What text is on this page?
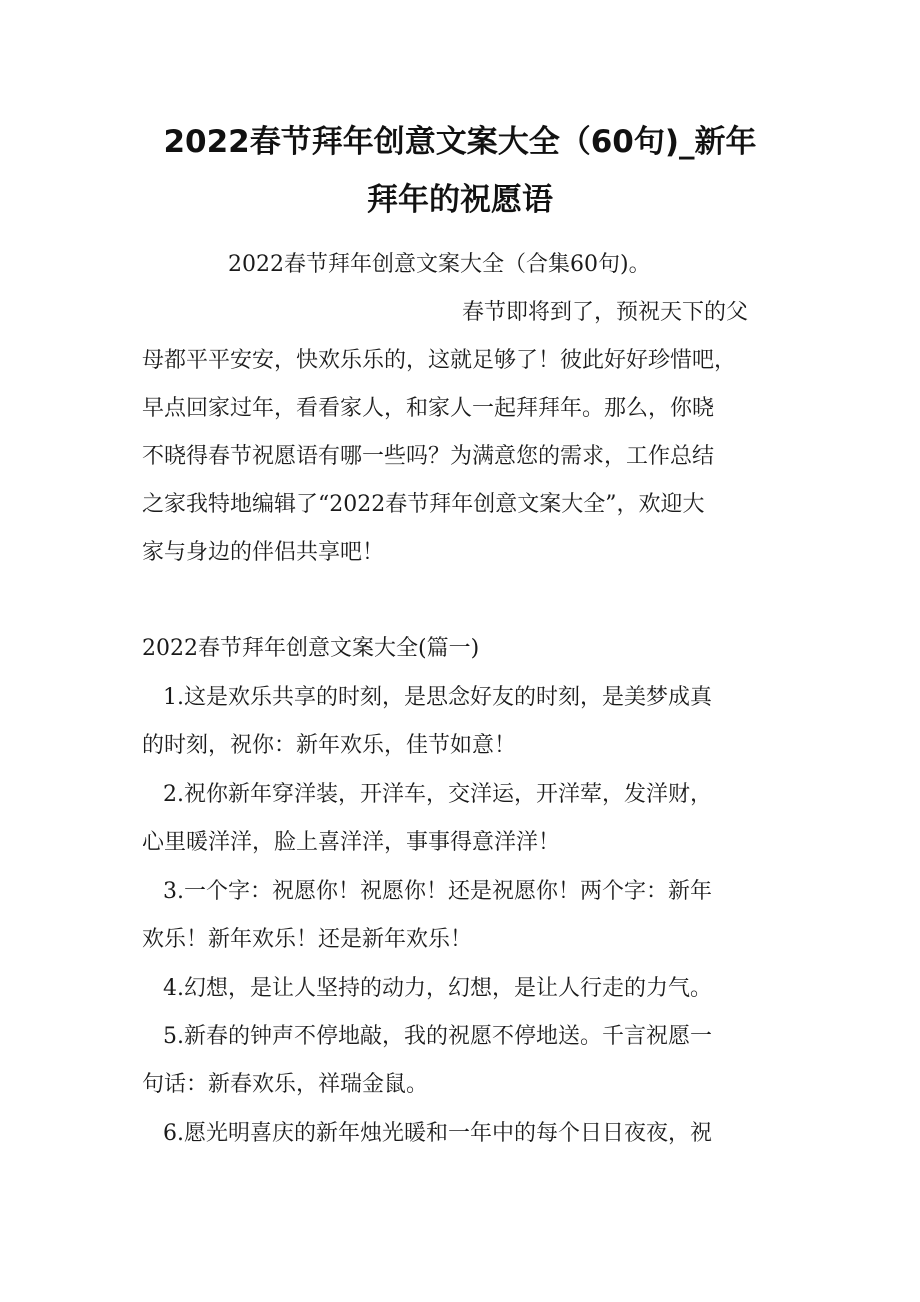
2022春节拜年创意文案大全（60句)_新年
拜年的祝愿语

2022春节拜年创意文案大全（合集60句)。

春节即将到了，预祝天下的父

母都平平安安，快欢乐乐的，这就足够了！彼此好好珍惜吧，

早点回家过年，看看家人，和家人一起拜拜年。那么，你晓

不晓得春节祝愿语有哪一些吗？为满意您的需求，工作总结

之家我特地编辑了“2022春节拜年创意文案大全”，欢迎大

家与身边的伴侣共享吧！

2022春节拜年创意文案大全(篇一)

1.这是欢乐共享的时刻，是思念好友的时刻，是美梦成真

的时刻，祝你：新年欢乐，佳节如意！

2.祝你新年穿洋装，开洋车，交洋运，开洋荤，发洋财，

心里暖洋洋，脸上喜洋洋，事事得意洋洋！

3.一个字：祝愿你！祝愿你！还是祝愿你！两个字：新年

欢乐！新年欢乐！还是新年欢乐！

4.幻想，是让人坚持的动力，幻想，是让人行走的力气。

5.新春的钟声不停地敲，我的祝愿不停地送。千言祝愿一

句话：新春欢乐，祥瑞金鼠。

6.愿光明喜庆的新年烛光暖和一年中的每个日日夜夜，祝
